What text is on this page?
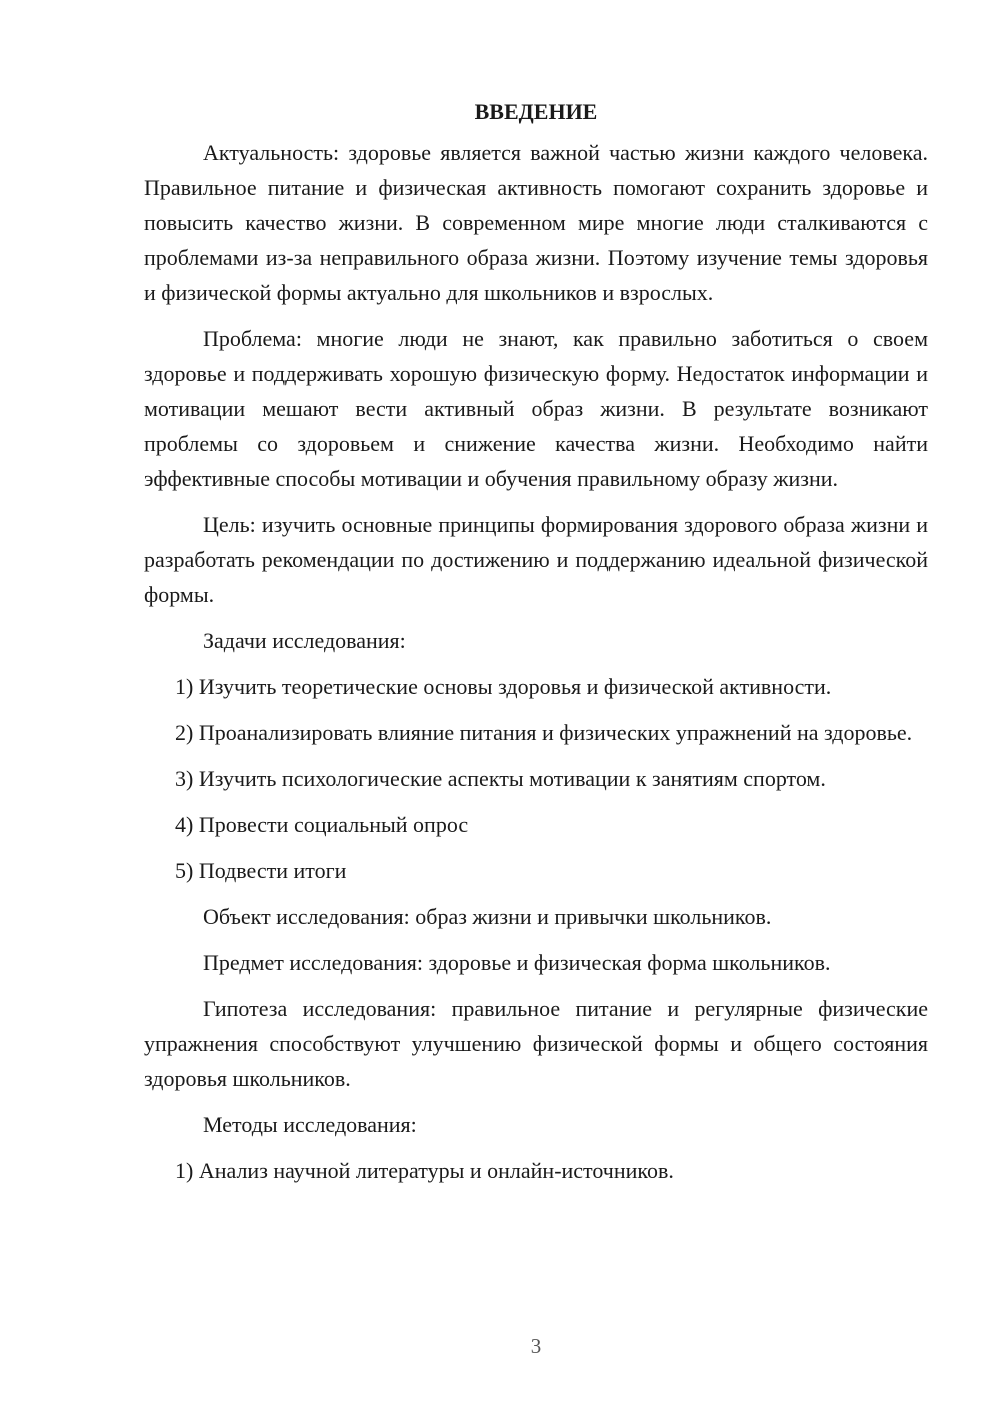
ВВЕДЕНИЕ

Актуальность: здоровье является важной частью жизни каждого человека. Правильное питание и физическая активность помогают сохранить здоровье и повысить качество жизни. В современном мире многие люди сталкиваются с проблемами из-за неправильного образа жизни. Поэтому изучение темы здоровья и физической формы актуально для школьников и взрослых.

Проблема: многие люди не знают, как правильно заботиться о своем здоровье и поддерживать хорошую физическую форму. Недостаток информации и мотивации мешают вести активный образ жизни. В результате возникают проблемы со здоровьем и снижение качества жизни. Необходимо найти эффективные способы мотивации и обучения правильному образу жизни.

Цель: изучить основные принципы формирования здорового образа жизни и разработать рекомендации по достижению и поддержанию идеальной физической формы.

Задачи исследования:

1) Изучить теоретические основы здоровья и физической активности.

2) Проанализировать влияние питания и физических упражнений на здоровье.

3) Изучить психологические аспекты мотивации к занятиям спортом.

4) Провести социальный опрос

5) Подвести итоги

Объект исследования: образ жизни и привычки школьников.

Предмет исследования: здоровье и физическая форма школьников.

Гипотеза исследования: правильное питание и регулярные физические упражнения способствуют улучшению физической формы и общего состояния здоровья школьников.

Методы исследования:

1) Анализ научной литературы и онлайн-источников.

3
